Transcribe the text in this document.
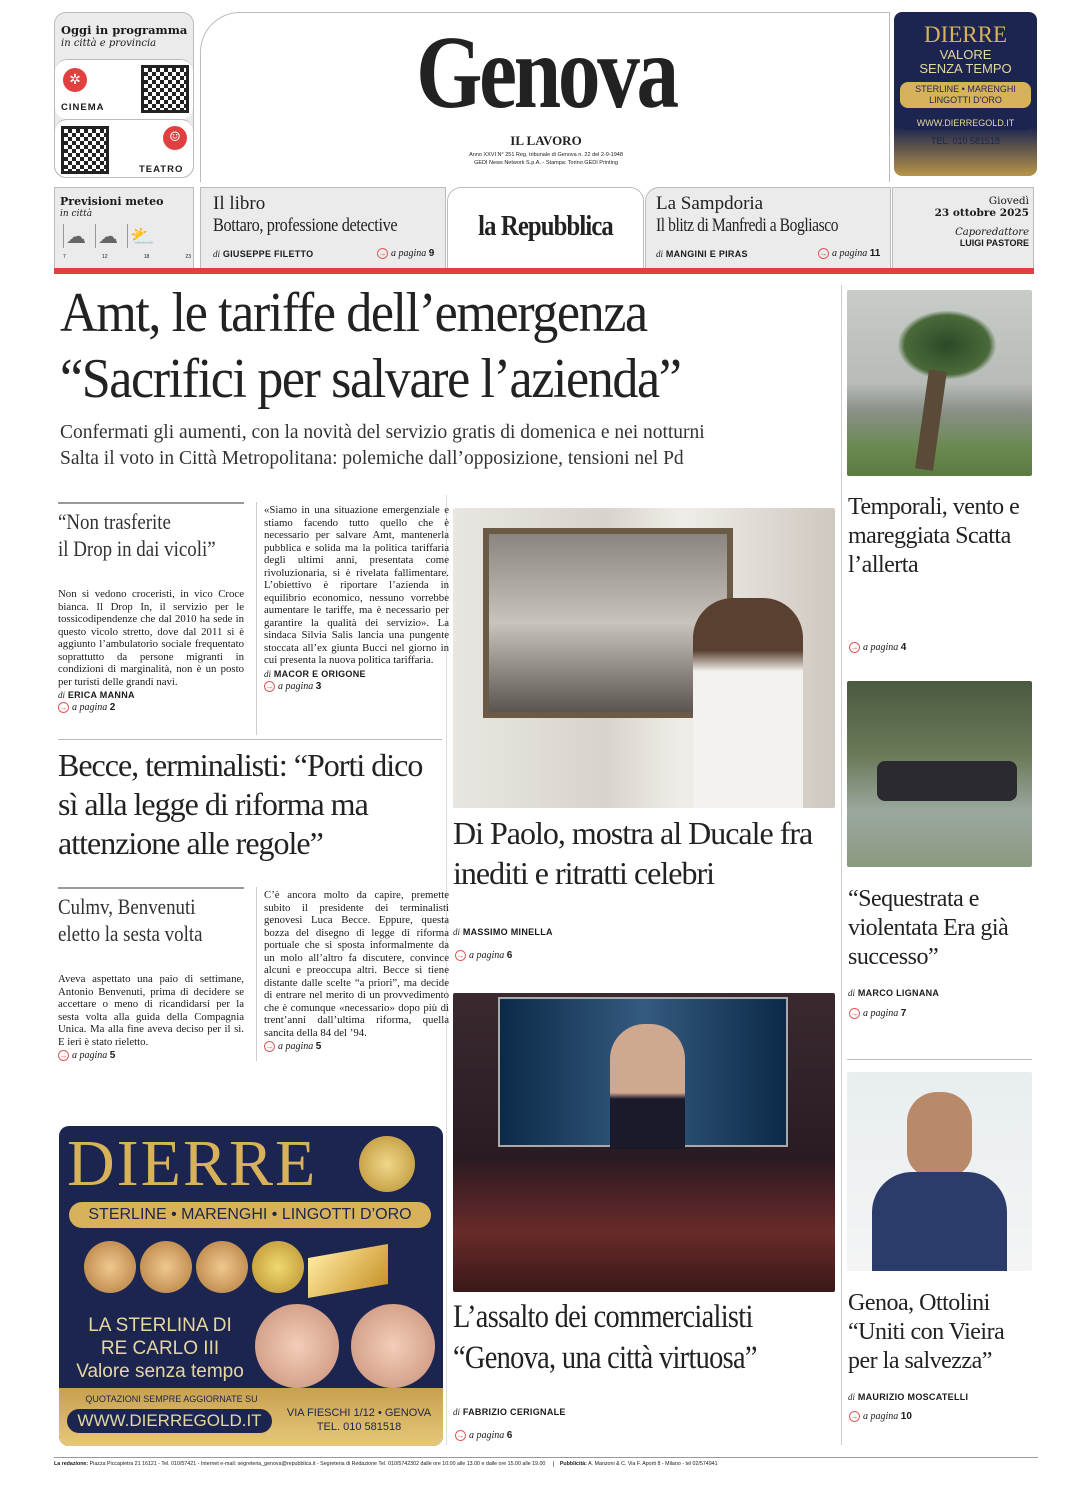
Oggi in programma
in città e provincia
✲
CINEMA
☺
TEATRO
Genova
IL LAVORO
Anno XXVI N° 251 Reg. tribunale di Genova n. 22 del 2-9-1948
GEDI News Network S.p.A. - Stampa: Torino GEDI Printing
DIERRE
VALORE
SENZA TEMPO
STERLINE • MARENGHI
LINGOTTI D'ORO
WWW.DIERREGOLD.IT
TEL. 010 581518
Previsioni meteo
in città
☁ ☁ ⛅
7	12	18	23
Il libro
Bottaro, professione detective
di GIUSEPPE FILETTO	→ a pagina 9
la Repubblica
La Sampdoria
Il blitz di Manfredi a Bogliasco
di MANGINI E PIRAS	→ a pagina 11
Giovedì
23 ottobre 2025
Caporedattore
LUIGI PASTORE
Amt, le tariffe dell’emergenza
“Sacrifici per salvare l’azienda”
Confermati gli aumenti, con la novità del servizio gratis di domenica e nei notturni
Salta il voto in Città Metropolitana: polemiche dall’opposizione, tensioni nel Pd
“Non trasferite
il Drop in dai vicoli”
Non si vedono croceristi, in vico Croce bianca. Il Drop In, il servizio per le tossicodipendenze che dal 2010 ha sede in questo vicolo stretto, dove dal 2011 si è aggiunto l’ambulatorio sociale frequentato soprattutto da persone migranti in condizioni di marginalità, non è un posto per turisti delle grandi navi.
di ERICA MANNA
→ a pagina 2
«Siamo in una situazione emergenziale e stiamo facendo tutto quello che è necessario per salvare Amt, mantenerla pubblica e solida ma la politica tariffaria degli ultimi anni, presentata come rivoluzionaria, si è rivelata fallimentare. L’obiettivo è riportare l’azienda in equilibrio economico, nessuno vorrebbe aumentare le tariffe, ma è necessario per garantire la qualità dei servizio». La sindaca Silvia Salis lancia una pungente stoccata all’ex giunta Bucci nel giorno in cui presenta la nuova politica tariffaria.
di MACOR E ORIGONE
→ a pagina 3
Becce, terminalisti: “Porti dico sì alla legge di riforma ma attenzione alle regole”
Culmv, Benvenuti
eletto la sesta volta
Aveva aspettato una paio di settimane, Antonio Benvenuti, prima di decidere se accettare o meno di ricandidarsi per la sesta volta alla guida della Compagnia Unica. Ma alla fine aveva deciso per il sì. E ieri è stato rieletto.
→ a pagina 5
C’è ancora molto da capire, premette subito il presidente dei terminalisti genovesi Luca Becce. Eppure, questa bozza del disegno di legge di riforma portuale che si sposta informalmente da un molo all’altro fa discutere, convince alcuni e preoccupa altri. Becce si tiene distante dalle scelte “a priori”, ma decide di entrare nel merito di un provvedimento che è comunque «necessario» dopo più di trent’anni dall’ultima riforma, quella sancita della 84 del ’94.
→ a pagina 5
DIERRE
STERLINE • MARENGHI • LINGOTTI D’ORO
LA STERLINA DI
RE CARLO III
Valore senza tempo
QUOTAZIONI SEMPRE AGGIORNATE SU
WWW.DIERREGOLD.IT	VIA FIESCHI 1/12 • GENOVA
TEL. 010 581518
Di Paolo, mostra al Ducale fra inediti e ritratti celebri
di MASSIMO MINELLA
→ a pagina 6
L’assalto dei commercialisti
“Genova, una città virtuosa”
di FABRIZIO CERIGNALE
→ a pagina 6
Temporali, vento e mareggiata Scatta l’allerta
→ a pagina 4
“Sequestrata e violentata Era già successo”
di MARCO LIGNANA
→ a pagina 7
Genoa, Ottolini “Uniti con Vieira per la salvezza”
di MAURIZIO MOSCATELLI
→ a pagina 10
La redazione: Piazza Piccapietra 21 16121 - Tel. 010/57421 - Internet e-mail: segreteria_genova@repubblica.it - Segreteria di Redazione Tel. 010/5742302 dalle ore 10.00 alle 13.00 e dalle ore 15.00 alle 19.00	Pubblicità: A. Manzoni & C. Via F. Aporti 8 - Milano - tel 02/574941
